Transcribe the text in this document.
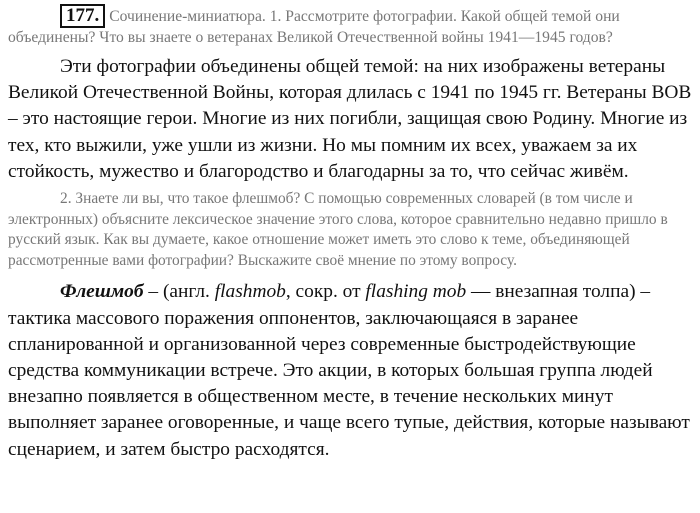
177. Сочинение-миниатюра. 1. Рассмотрите фотографии. Какой общей темой они объединены? Что вы знаете о ветеранах Великой Отечественной войны 1941—1945 годов?

Эти фотографии объединены общей темой: на них изображены ветераны Великой Отечественной Войны, которая длилась с 1941 по 1945 гг. Ветераны ВОВ – это настоящие герои. Многие из них погибли, защищая свою Родину. Многие из тех, кто выжили, уже ушли из жизни. Но мы помним их всех, уважаем за их стойкость, мужество и благородство и благодарны за то, что сейчас живём.

2. Знаете ли вы, что такое флешмоб? С помощью современных словарей (в том числе и электронных) объясните лексическое значение этого слова, которое сравнительно недавно пришло в русский язык. Как вы думаете, какое отношение может иметь это слово к теме, объединяющей рассмотренные вами фотографии? Выскажите своё мнение по этому вопросу.

Флешмоб – (англ. flashmob, сокр. от flashing mob — внезапная толпа) – тактика массового поражения оппонентов, заключающаяся в заранее спланированной и организованной через современные быстродействующие средства коммуникации встрече. Это акции, в которых большая группа людей внезапно появляется в общественном месте, в течение нескольких минут выполняет заранее оговоренные, и чаще всего тупые, действия, которые называют сценарием, и затем быстро расходятся.
